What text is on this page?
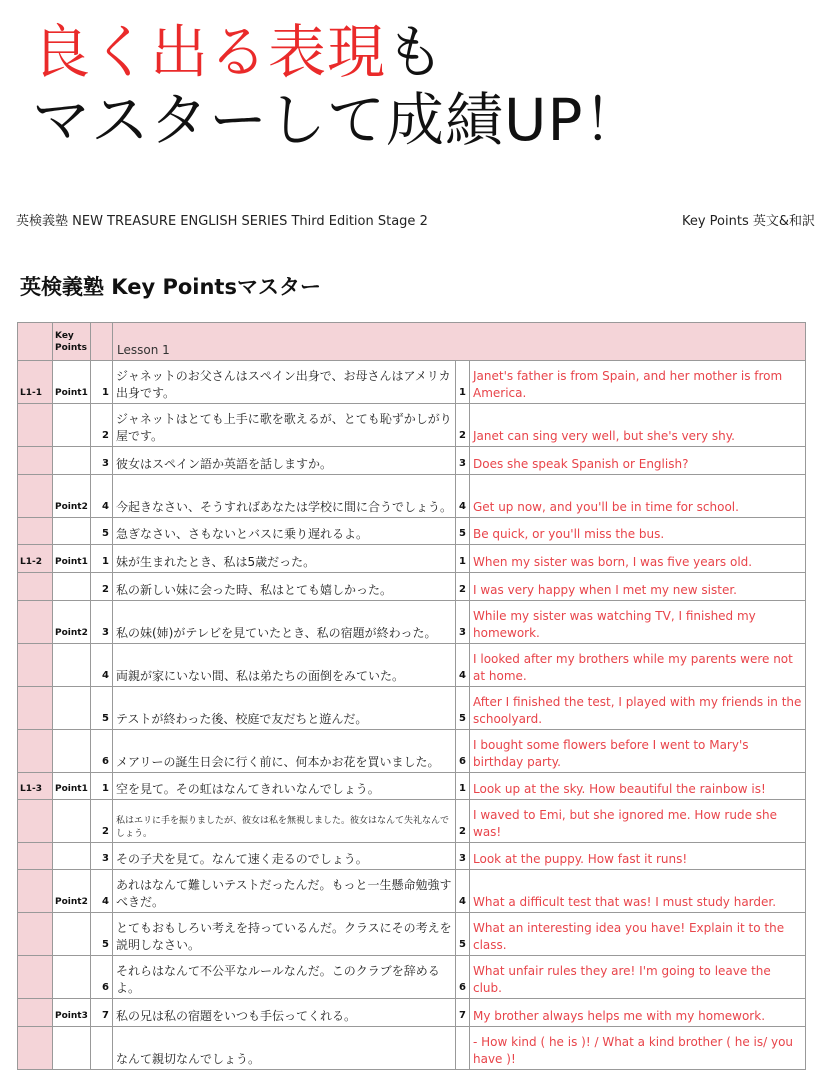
良く出る表現も
マスターして成績UP！
英検義塾 NEW TREASURE ENGLISH SERIES Third Edition Stage 2	Key Points 英文&和訳
英検義塾 Key Pointsマスター
	Key Points		Lesson 1		
L1-1	Point1	1	ジャネットのお父さんはスペイン出身で、お母さんはアメリカ出身です。	1	Janet's father is from Spain, and her mother is from America.
		2	ジャネットはとても上手に歌を歌えるが、とても恥ずかしがり屋です。	2	Janet can sing very well, but she's very shy.
		3	彼女はスペイン語か英語を話しますか。	3	Does she speak Spanish or English?
	Point2	4	今起きなさい、そうすればあなたは学校に間に合うでしょう。	4	Get up now, and you'll be in time for school.
		5	急ぎなさい、さもないとバスに乗り遅れるよ。	5	Be quick, or you'll miss the bus.
L1-2	Point1	1	妹が生まれたとき、私は5歳だった。	1	When my sister was born, I was five years old.
		2	私の新しい妹に会った時、私はとても嬉しかった。	2	I was very happy when I met my new sister.
	Point2	3	私の妹(姉)がテレビを見ていたとき、私の宿題が終わった。	3	While my sister was watching TV, I finished my homework.
		4	両親が家にいない間、私は弟たちの面倒をみていた。	4	I looked after my brothers while my parents were not at home.
		5	テストが終わった後、校庭で友だちと遊んだ。	5	After I finished the test, I played with my friends in the schoolyard.
		6	メアリーの誕生日会に行く前に、何本かお花を買いました。	6	I bought some flowers before I went to Mary's birthday party.
L1-3	Point1	1	空を見て。その虹はなんてきれいなんでしょう。	1	Look up at the sky. How beautiful the rainbow is!
		2	私はエリに手を振りましたが、彼女は私を無視しました。彼女はなんて失礼なんでしょう。	2	I waved to Emi, but she ignored me. How rude she was!
		3	その子犬を見て。なんて速く走るのでしょう。	3	Look at the puppy. How fast it runs!
	Point2	4	あれはなんて難しいテストだったんだ。もっと一生懸命勉強すべきだ。	4	What a difficult test that was! I must study harder.
		5	とてもおもしろい考えを持っているんだ。クラスにその考えを説明しなさい。	5	What an interesting idea you have! Explain it to the class.
		6	それらはなんて不公平なルールなんだ。このクラブを辞めるよ。	6	What unfair rules they are! I'm going to leave the club.
	Point3	7	私の兄は私の宿題をいつも手伝ってくれる。	7	My brother always helps me with my homework.
			なんて親切なんでしょう。		- How kind ( he is )! / What a kind brother ( he is/ you have )!
